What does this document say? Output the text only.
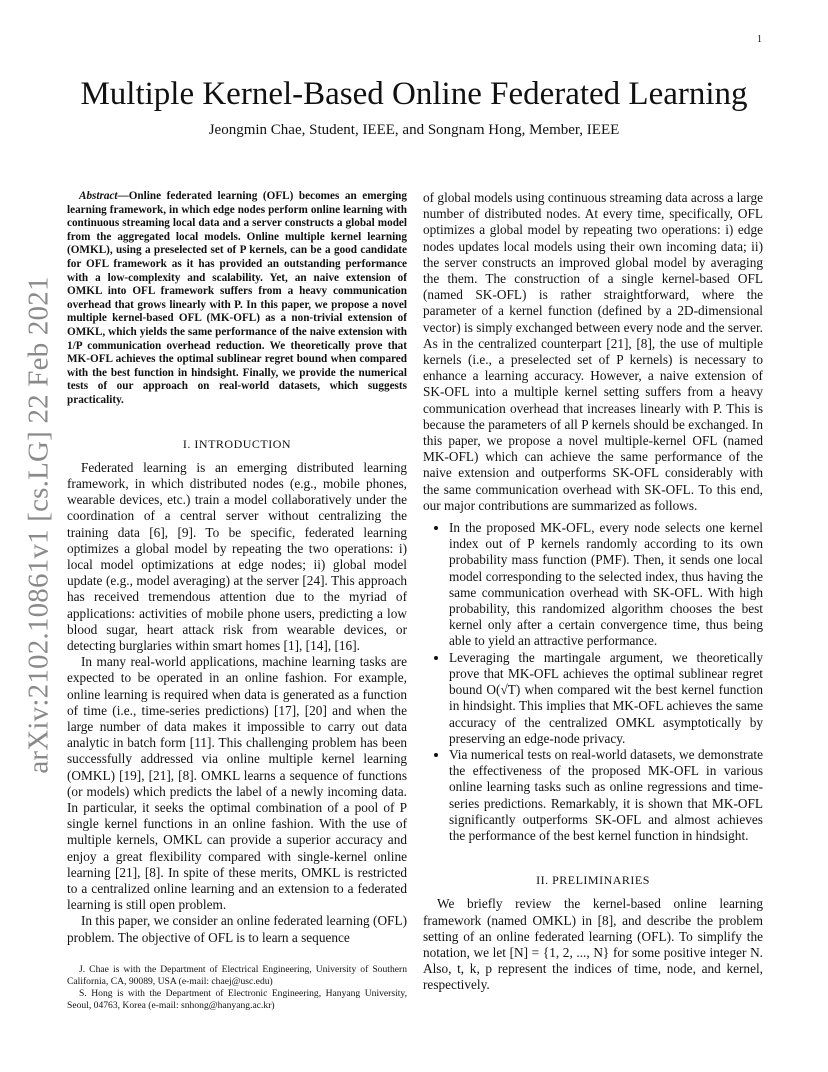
1
arXiv:2102.10861v1 [cs.LG] 22 Feb 2021
Multiple Kernel-Based Online Federated Learning
Jeongmin Chae, Student, IEEE, and Songnam Hong, Member, IEEE

Abstract—Online federated learning (OFL) becomes an emerging learning framework, in which edge nodes perform online learning with continuous streaming local data and a server constructs a global model from the aggregated local models. Online multiple kernel learning (OMKL), using a preselected set of P kernels, can be a good candidate for OFL framework as it has provided an outstanding performance with a low-complexity and scalability. Yet, an naive extension of OMKL into OFL framework suffers from a heavy communication overhead that grows linearly with P. In this paper, we propose a novel multiple kernel-based OFL (MK-OFL) as a non-trivial extension of OMKL, which yields the same performance of the naive extension with 1/P communication overhead reduction. We theoretically prove that MK-OFL achieves the optimal sublinear regret bound when compared with the best function in hindsight. Finally, we provide the numerical tests of our approach on real-world datasets, which suggests practicality.

I. INTRODUCTION

Federated learning is an emerging distributed learning framework, in which distributed nodes (e.g., mobile phones, wearable devices, etc.) train a model collaboratively under the coordination of a central server without centralizing the training data [6], [9]. To be specific, federated learning optimizes a global model by repeating the two operations: i) local model optimizations at edge nodes; ii) global model update (e.g., model averaging) at the server [24]. This approach has received tremendous attention due to the myriad of applications: activities of mobile phone users, predicting a low blood sugar, heart attack risk from wearable devices, or detecting burglaries within smart homes [1], [14], [16].

In many real-world applications, machine learning tasks are expected to be operated in an online fashion. For example, online learning is required when data is generated as a function of time (i.e., time-series predictions) [17], [20] and when the large number of data makes it impossible to carry out data analytic in batch form [11]. This challenging problem has been successfully addressed via online multiple kernel learning (OMKL) [19], [21], [8]. OMKL learns a sequence of functions (or models) which predicts the label of a newly incoming data. In particular, it seeks the optimal combination of a pool of P single kernel functions in an online fashion. With the use of multiple kernels, OMKL can provide a superior accuracy and enjoy a great flexibility compared with single-kernel online learning [21], [8]. In spite of these merits, OMKL is restricted to a centralized online learning and an extension to a federated learning is still open problem.

In this paper, we consider an online federated learning (OFL) problem. The objective of OFL is to learn a sequence

of global models using continuous streaming data across a large number of distributed nodes. At every time, specifically, OFL optimizes a global model by repeating two operations: i) edge nodes updates local models using their own incoming data; ii) the server constructs an improved global model by averaging the them. The construction of a single kernel-based OFL (named SK-OFL) is rather straightforward, where the parameter of a kernel function (defined by a 2D-dimensional vector) is simply exchanged between every node and the server. As in the centralized counterpart [21], [8], the use of multiple kernels (i.e., a preselected set of P kernels) is necessary to enhance a learning accuracy. However, a naive extension of SK-OFL into a multiple kernel setting suffers from a heavy communication overhead that increases linearly with P. This is because the parameters of all P kernels should be exchanged. In this paper, we propose a novel multiple-kernel OFL (named MK-OFL) which can achieve the same performance of the naive extension and outperforms SK-OFL considerably with the same communication overhead with SK-OFL. To this end, our major contributions are summarized as follows.

• In the proposed MK-OFL, every node selects one kernel index out of P kernels randomly according to its own probability mass function (PMF). Then, it sends one local model corresponding to the selected index, thus having the same communication overhead with SK-OFL. With high probability, this randomized algorithm chooses the best kernel only after a certain convergence time, thus being able to yield an attractive performance.
• Leveraging the martingale argument, we theoretically prove that MK-OFL achieves the optimal sublinear regret bound O(√T) when compared wit the best kernel function in hindsight. This implies that MK-OFL achieves the same accuracy of the centralized OMKL asymptotically by preserving an edge-node privacy.
• Via numerical tests on real-world datasets, we demonstrate the effectiveness of the proposed MK-OFL in various online learning tasks such as online regressions and time-series predictions. Remarkably, it is shown that MK-OFL significantly outperforms SK-OFL and almost achieves the performance of the best kernel function in hindsight.
II. PRELIMINARIES

We briefly review the kernel-based online learning framework (named OMKL) in [8], and describe the problem setting of an online federated learning (OFL). To simplify the notation, we let [N] = {1, 2, ..., N} for some positive integer N. Also, t, k, p represent the indices of time, node, and kernel, respectively.

J. Chae is with the Department of Electrical Engineering, University of Southern California, CA, 90089, USA (e-mail: chaej@usc.edu)

S. Hong is with the Department of Electronic Engineering, Hanyang University, Seoul, 04763, Korea (e-mail: snhong@hanyang.ac.kr)
